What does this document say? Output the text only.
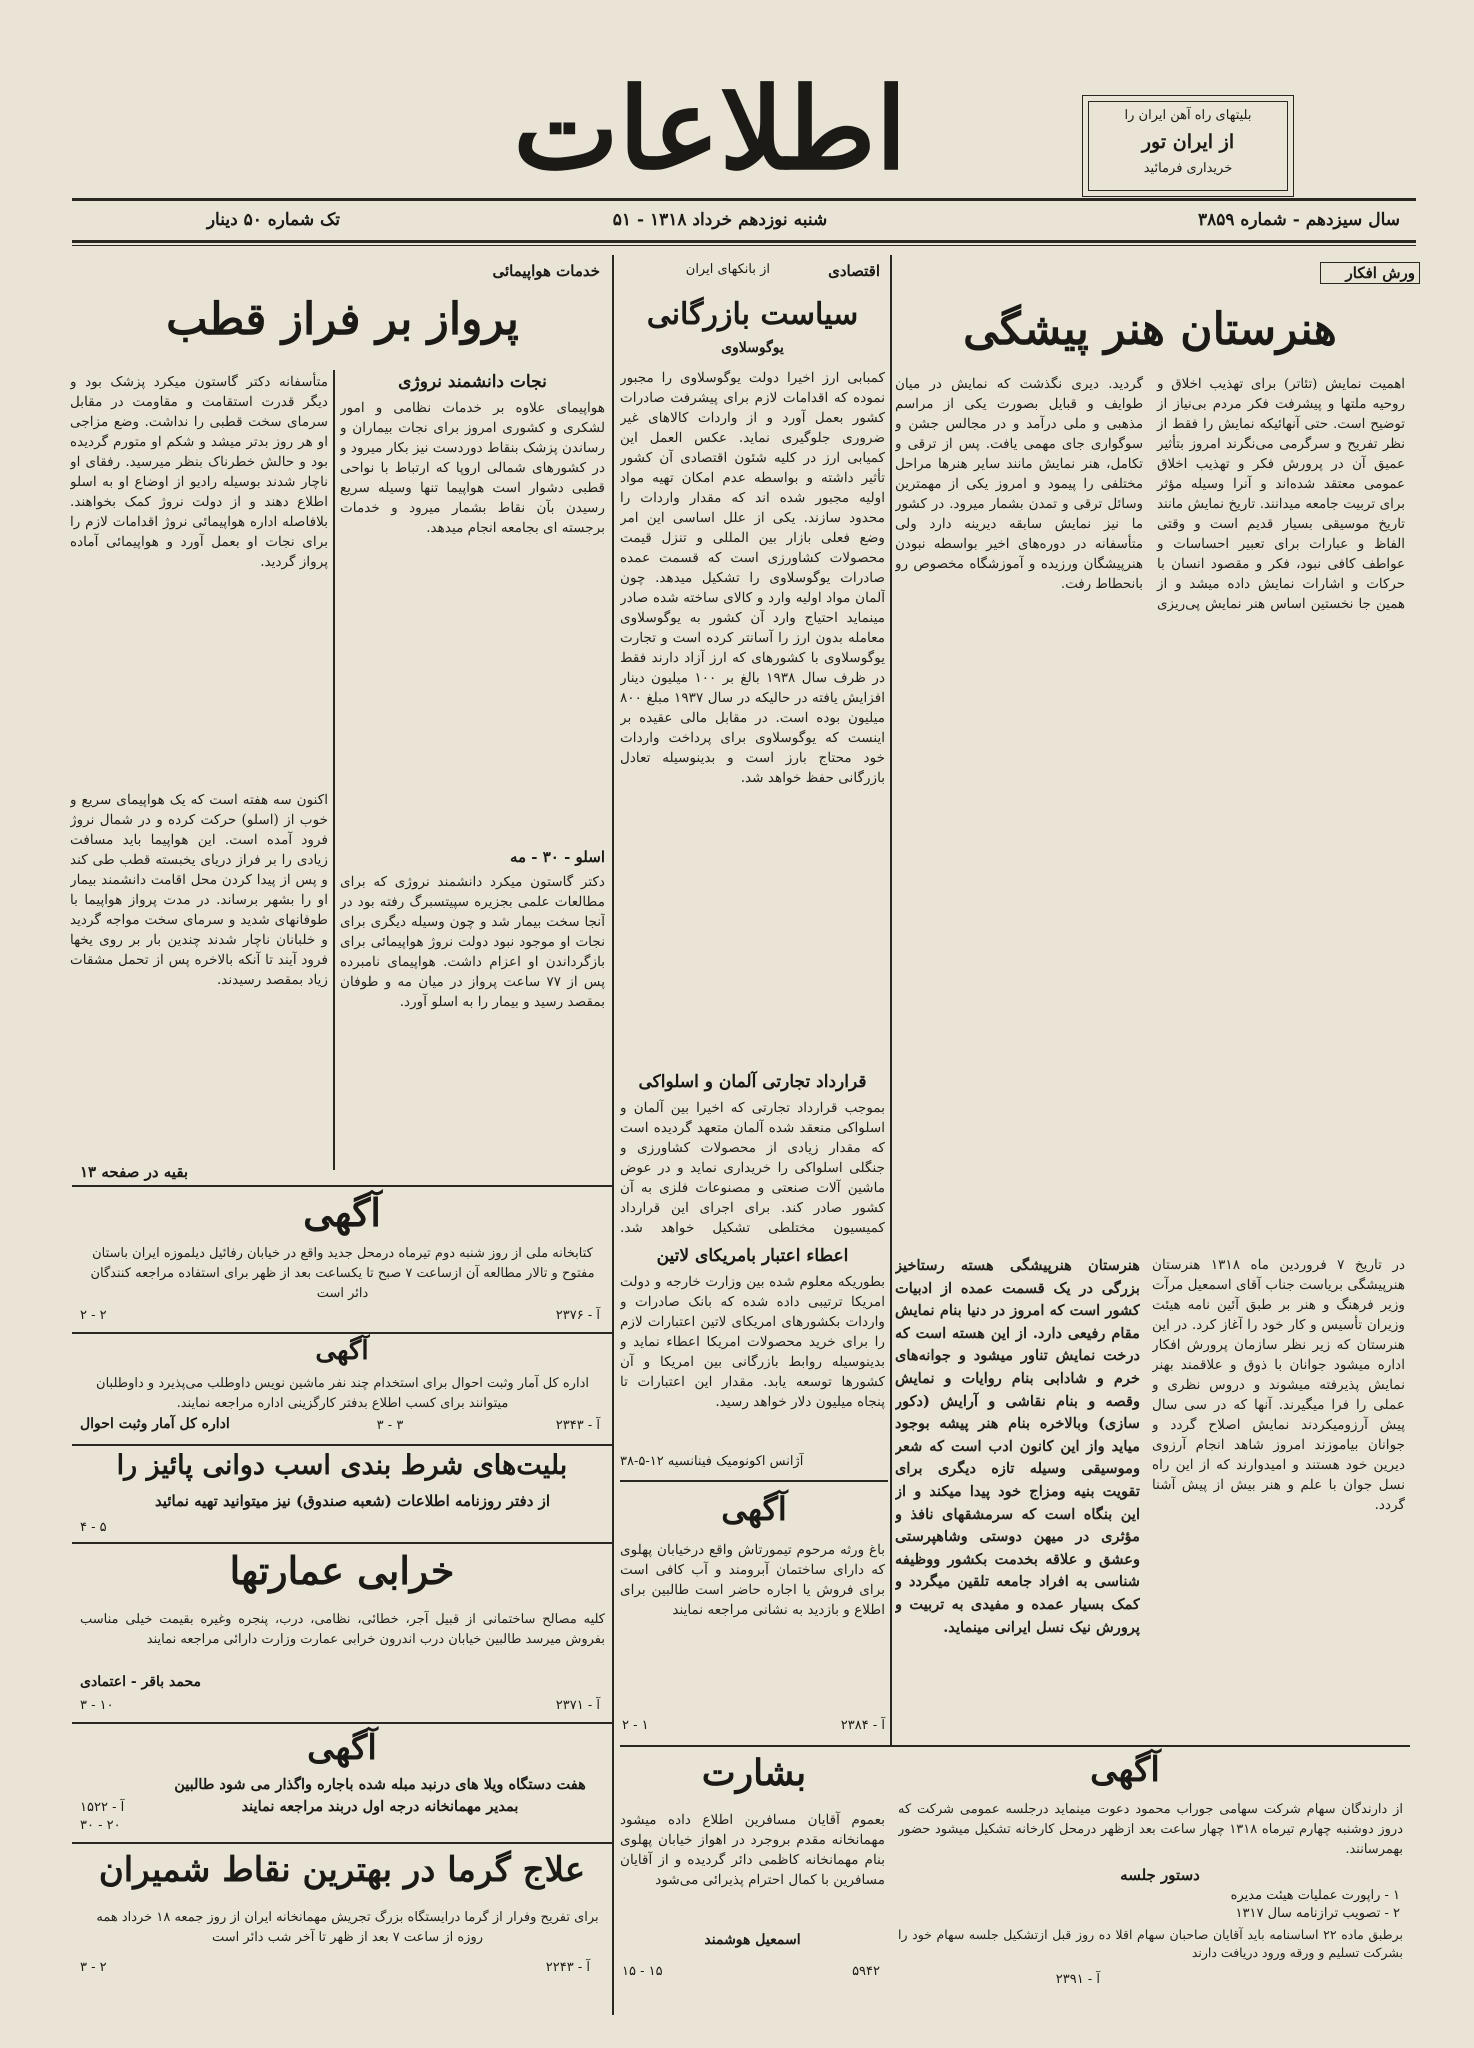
بلیتهای راه آهن ایران را
از ایران تور
خریداری فرمائید
اطلاعات
سال سیزدهم - شماره ۳۸۵۹
شنبه نوزدهم خرداد ۱۳۱۸ - ۵۱
تک شماره ۵۰ دینار
ورش افکار
هنرستان هنر پیشگی
اهمیت نمایش (تئاتر) برای تهذیب اخلاق و روحیه ملتها و پیشرفت فکر مردم بی‌نیاز از توضیح است. حتی آنهائیکه نمایش را فقط از نظر تفریح و سرگرمی می‌نگرند امروز بتأثیر عمیق آن در پرورش فکر و تهذیب اخلاق عمومی معتقد شده‌اند و آنرا وسیله مؤثر برای تربیت جامعه میدانند. تاریخ نمایش مانند تاریخ موسیقی بسیار قدیم است و وقتی الفاظ و عبارات برای تعبیر احساسات و عواطف کافی نبود، فکر و مقصود انسان با حرکات و اشارات نمایش داده میشد و از همین جا نخستین اساس هنر نمایش پی‌ریزی گردید. دیری نگذشت که نمایش در میان طوایف و قبایل بصورت یکی از مراسم مذهبی و ملی درآمد و در مجالس جشن و سوگواری جای مهمی یافت. پس از ترقی و تکامل، هنر نمایش مانند سایر هنرها مراحل مختلفی را پیمود و امروز یکی از مهمترین وسائل ترقی و تمدن بشمار میرود. در کشور ما نیز نمایش سابقه دیرینه دارد ولی متأسفانه در دوره‌های اخیر بواسطه نبودن هنرپیشگان ورزیده و آموزشگاه مخصوص رو بانحطاط رفت.
در تاریخ ۷ فروردین ماه ۱۳۱۸ هنرستان هنرپیشگی بریاست جناب آقای اسمعیل مرآت وزیر فرهنگ و هنر بر طبق آئین نامه هیئت وزیران تأسیس و کار خود را آغاز کرد. در این هنرستان که زیر نظر سازمان پرورش افکار اداره میشود جوانان با ذوق و علاقمند بهنر نمایش پذیرفته میشوند و دروس نظری و عملی را فرا میگیرند. آنها که در سی سال پیش آرزومیکردند نمایش اصلاح گردد و جوانان بیاموزند امروز شاهد انجام آرزوی دیرین خود هستند و امیدوارند که از این راه نسل جوان با علم و هنر بیش از پیش آشنا گردد.
هنرستان هنرپیشگی هسته رستاخیز بزرگی در یک قسمت عمده از ادبیات کشور است که امروز در دنیا بنام نمایش مقام رفیعی دارد. از این هسته است که درخت نمایش تناور میشود و جوانه‌های خرم و شادابی بنام روایات و نمایش وقصه و بنام نقاشی و آرایش (دکور سازی) وبالاخره بنام هنر پیشه بوجود میاید واز این کانون ادب است که شعر وموسیقی وسیله تازه دیگری برای تقویت بنیه ومزاج خود پیدا میکند و از این بنگاه است که سرمشقهای نافذ و مؤثری در میهن دوستی وشاهپرستی وعشق و علاقه بخدمت بکشور ووظیفه شناسی به افراد جامعه تلقین میگردد و کمک بسیار عمده و مفیدی به تربیت و پرورش نیک نسل ایرانی مینماید.
آگهی
از دارندگان سهام شرکت سهامی جوراب محمود دعوت مینماید درجلسه عمومی شرکت که دروز دوشنبه چهارم تیرماه ۱۳۱۸ چهار ساعت بعد ازظهر درمحل کارخانه تشکیل میشود حضور بهمرسانند.
دستور جلسه
۱ - راپورت عملیات هیئت مدیره
۲ - تصویب ترازنامه سال ۱۳۱۷
برطبق ماده ۲۲ اساسنامه باید آقایان صاحبان سهام اقلا ده روز قبل ازتشکیل جلسه سهام خود را بشرکت تسلیم و ورقه ورود دریافت دارند
آ - ۲۳۹۱
اقتصادی
از بانکهای ایران
سیاست بازرگانی
یوگوسلاوی
کمبابی ارز اخیرا دولت یوگوسلاوی را مجبور نموده که اقدامات لازم برای پیشرفت صادرات کشور بعمل آورد و از واردات کالاهای غیر ضروری جلوگیری نماید. عکس العمل این کمیابی ارز در کلیه شئون اقتصادی آن کشور تأثیر داشته و بواسطه عدم امکان تهیه مواد اولیه مجبور شده اند که مقدار واردات را محدود سازند. یکی از علل اساسی این امر وضع فعلی بازار بین المللی و تنزل قیمت محصولات کشاورزی است که قسمت عمده صادرات یوگوسلاوی را تشکیل میدهد. چون آلمان مواد اولیه وارد و کالای ساخته شده صادر مینماید احتیاج وارد آن کشور به یوگوسلاوی معامله بدون ارز را آسانتر کرده است و تجارت یوگوسلاوی با کشورهای که ارز آزاد دارند فقط در ظرف سال ۱۹۳۸ بالغ بر ۱۰۰ میلیون دینار افزایش یافته در حالیکه در سال ۱۹۳۷ مبلغ ۸۰۰ میلیون بوده است. در مقابل مالی عقیده بر اینست که یوگوسلاوی برای پرداخت واردات خود محتاج بارز است و بدینوسیله تعادل بازرگانی حفظ خواهد شد.
قرارداد تجارتی آلمان و اسلواکی
بموجب قرارداد تجارتی که اخیرا بین آلمان و اسلواکی منعقد شده آلمان متعهد گردیده است که مقدار زیادی از محصولات کشاورزی و جنگلی اسلواکی را خریداری نماید و در عوض ماشین آلات صنعتی و مصنوعات فلزی به آن کشور صادر کند. برای اجرای این قرارداد کمیسیون مختلطی تشکیل خواهد شد.
اعطاء اعتبار بامریکای لاتین
بطوریکه معلوم شده بین وزارت خارجه و دولت امریکا ترتیبی داده شده که بانک صادرات و واردات بکشورهای امریکای لاتین اعتبارات لازم را برای خرید محصولات امریکا اعطاء نماید و بدینوسیله روابط بازرگانی بین امریکا و آن کشورها توسعه یابد. مقدار این اعتبارات تا پنجاه میلیون دلار خواهد رسید.
آژانس اکونومیک فینانسیه ۱۲-۵-۳۸
آگهی
باغ ورثه مرحوم تیمورتاش واقع درخیابان پهلوی که دارای ساختمان آبرومند و آب کافی است برای فروش یا اجاره حاضر است طالبین برای اطلاع و بازدید به نشانی مراجعه نمایند
آ - ۲۳۸۴
۱ - ۲
بشارت
بعموم آقایان مسافرین اطلاع داده میشود مهمانخانه مقدم بروجرد در اهواز خیابان پهلوی بنام مهمانخانه کاظمی دائر گردیده و از آقایان مسافرین با کمال احترام پذیرائی می‌شود
اسمعیل هوشمند
۵۹۴۲
۱۵ - ۱۵
خدمات هواپیمائی
پرواز بر فراز قطب
نجات دانشمند نروژی
هواپیمای علاوه بر خدمات نظامی و امور لشکری و کشوری امروز برای نجات بیماران و رساندن پزشک بنقاط دوردست نیز بکار میرود و در کشورهای شمالی اروپا که ارتباط با نواحی قطبی دشوار است هواپیما تنها وسیله سریع رسیدن بآن نقاط بشمار میرود و خدمات برجسته ای بجامعه انجام میدهد.
اسلو - ۳۰ - مه
دکتر گاستون میکرد دانشمند نروژی که برای مطالعات علمی بجزیره سپیتسبرگ رفته بود در آنجا سخت بیمار شد و چون وسیله دیگری برای نجات او موجود نبود دولت نروژ هواپیمائی برای بازگرداندن او اعزام داشت. هواپیمای نامبرده پس از ۷۷ ساعت پرواز در میان مه و طوفان بمقصد رسید و بیمار را به اسلو آورد.
متأسفانه دکتر گاستون میکرد پزشک بود و دیگر قدرت استقامت و مقاومت در مقابل سرمای سخت قطبی را نداشت. وضع مزاجی او هر روز بدتر میشد و شکم او متورم گردیده بود و حالش خطرناک بنظر میرسید. رفقای او ناچار شدند بوسیله رادیو از اوضاع او به اسلو اطلاع دهند و از دولت نروژ کمک بخواهند. بلافاصله اداره هواپیمائی نروژ اقدامات لازم را برای نجات او بعمل آورد و هواپیمائی آماده پرواز گردید.
اکنون سه هفته است که یک هواپیمای سریع و خوب از (اسلو) حرکت کرده و در شمال نروژ فرود آمده است. این هواپیما باید مسافت زیادی را بر فراز دریای یخبسته قطب طی کند و پس از پیدا کردن محل اقامت دانشمند بیمار او را بشهر برساند. در مدت پرواز هواپیما با طوفانهای شدید و سرمای سخت مواجه گردید و خلبانان ناچار شدند چندین بار بر روی یخها فرود آیند تا آنکه بالاخره پس از تحمل مشقات زیاد بمقصد رسیدند.
بقیه در صفحه ۱۳
آگهی
کتابخانه ملی از روز شنبه دوم تیرماه درمحل جدید واقع در خیابان رفائیل دیلموزه ایران باستان مفتوح و تالار مطالعه آن ازساعت ۷ صبح تا یکساعت بعد از ظهر برای استفاده مراجعه کنندگان دائر است
آ - ۲۳۷۶
۲ - ۲
آگهی
اداره کل آمار وثبت احوال برای استخدام چند نفر ماشین نویس داوطلب می‌پذیرد و داوطلبان میتوانند برای کسب اطلاع بدفتر کارگزینی اداره مراجعه نمایند.
اداره کل آمار وثبت احوال	آ - ۲۳۴۳
۳ - ۳
بلیت‌های شرط بندی اسب دوانی پائیز را
از دفتر روزنامه اطلاعات (شعبه صندوق) نیز میتوانید تهیه نمائید
۵ - ۴
خرابی عمارتها
کلیه مصالح ساختمانی از قبیل آجر، خطائی، نظامی، درب، پنجره وغیره بقیمت خیلی مناسب بفروش میرسد طالبین خیابان درب اندرون خرابی عمارت وزارت دارائی مراجعه نمایند
محمد باقر - اعتمادی
آ - ۲۳۷۱
۱۰ - ۳
آگهی
هفت دستگاه ویلا های درنبد مبله شده باجاره واگذار می شود طالبین بمدیر مهمانخانه درجه اول دربند مراجعه نمایند
آ - ۱۵۲۲
۲۰ - ۳۰
علاج گرما در بهترین نقاط شمیران
برای تفریح وفرار از گرما درایستگاه بزرگ تجریش مهمانخانه ایران از روز جمعه ۱۸ خرداد همه روزه از ساعت ۷ بعد از ظهر تا آخر شب دائر است
آ - ۲۲۴۳
۲ - ۳
